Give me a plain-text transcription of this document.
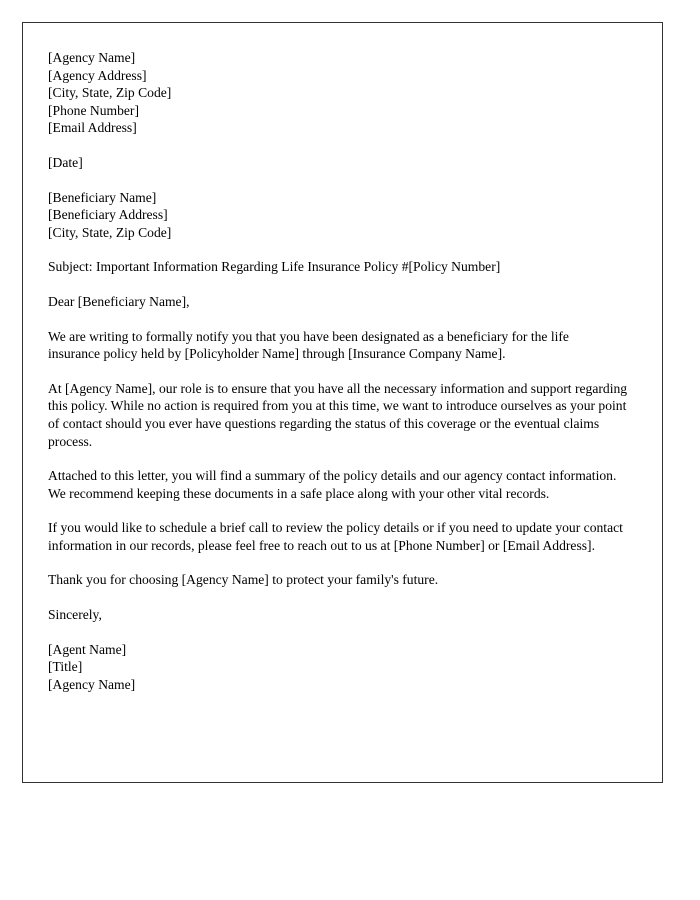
[Agency Name]
[Agency Address]
[City, State, Zip Code]
[Phone Number]
[Email Address]
[Date]
[Beneficiary Name]
[Beneficiary Address]
[City, State, Zip Code]

Subject: Important Information Regarding Life Insurance Policy #[Policy Number]

Dear [Beneficiary Name],

We are writing to formally notify you that you have been designated as a beneficiary for the life insurance policy held by [Policyholder Name] through [Insurance Company Name].

At [Agency Name], our role is to ensure that you have all the necessary information and support regarding this policy. While no action is required from you at this time, we want to introduce ourselves as your point of contact should you ever have questions regarding the status of this coverage or the eventual claims process.

Attached to this letter, you will find a summary of the policy details and our agency contact information. We recommend keeping these documents in a safe place along with your other vital records.

If you would like to schedule a brief call to review the policy details or if you need to update your contact information in our records, please feel free to reach out to us at [Phone Number] or [Email Address].

Thank you for choosing [Agency Name] to protect your family's future.

Sincerely,

[Agent Name]
[Title]
[Agency Name]
